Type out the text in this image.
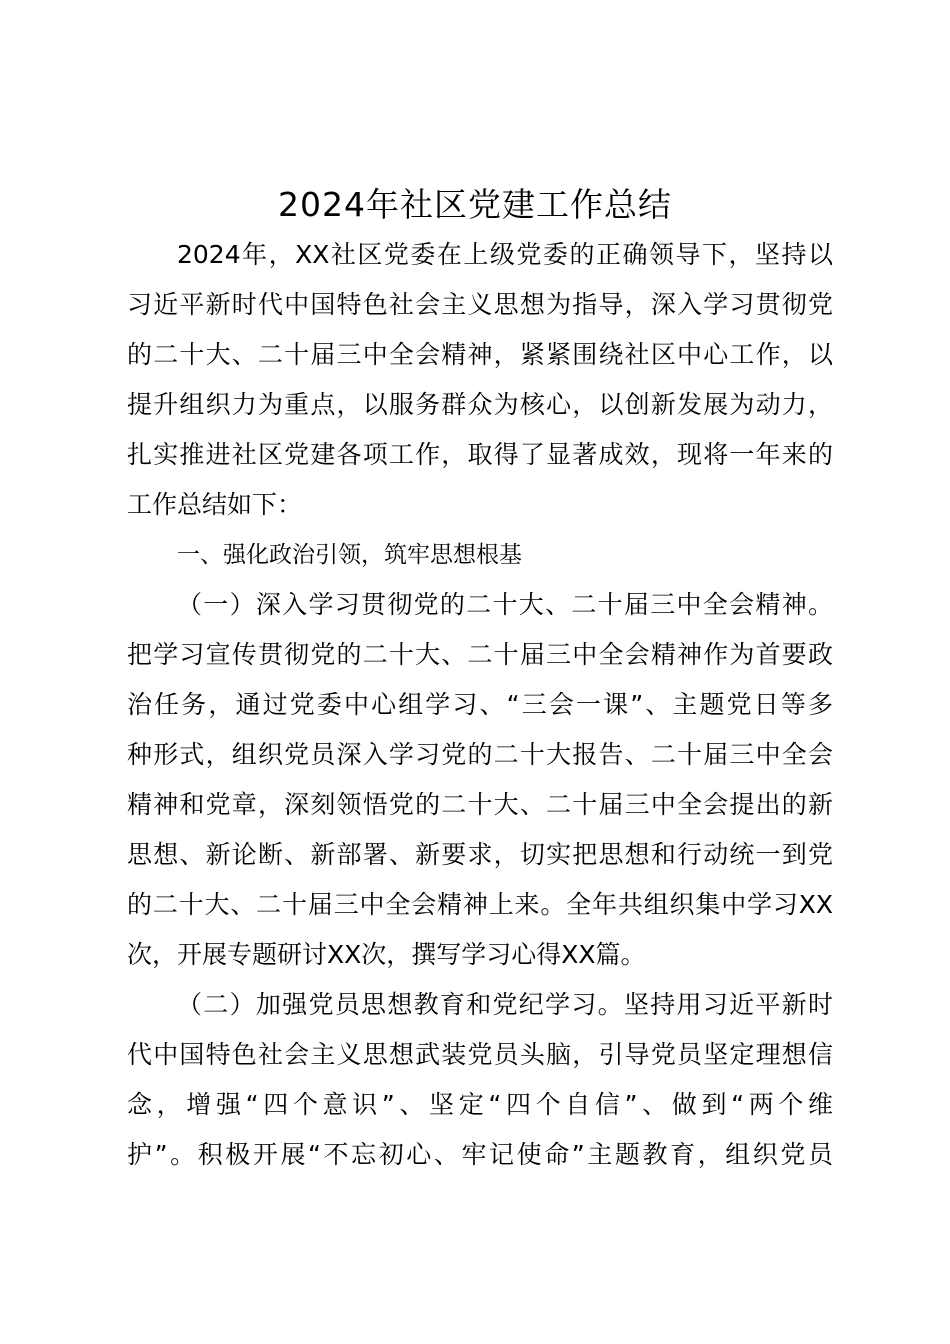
2024年社区党建工作总结

2024年，XX社区党委在上级党委的正确领导下，坚持以
习近平新时代中国特色社会主义思想为指导，深入学习贯彻党
的二十大、二十届三中全会精神，紧紧围绕社区中心工作，以
提升组织力为重点，以服务群众为核心，以创新发展为动力，
扎实推进社区党建各项工作，取得了显著成效，现将一年来的
工作总结如下：

一、强化政治引领，筑牢思想根基

（一）深入学习贯彻党的二十大、二十届三中全会精神。
把学习宣传贯彻党的二十大、二十届三中全会精神作为首要政
治任务，通过党委中心组学习、“三会一课”、主题党日等多
种形式，组织党员深入学习党的二十大报告、二十届三中全会
精神和党章，深刻领悟党的二十大、二十届三中全会提出的新
思想、新论断、新部署、新要求，切实把思想和行动统一到党
的二十大、二十届三中全会精神上来。全年共组织集中学习XX
次，开展专题研讨XX次，撰写学习心得XX篇。

（二）加强党员思想教育和党纪学习。坚持用习近平新时
代中国特色社会主义思想武装党员头脑，引导党员坚定理想信
念，增强“四个意识”、坚定“四个自信”、做到“两个维
护”。积极开展“不忘初心、牢记使命”主题教育，组织党员
